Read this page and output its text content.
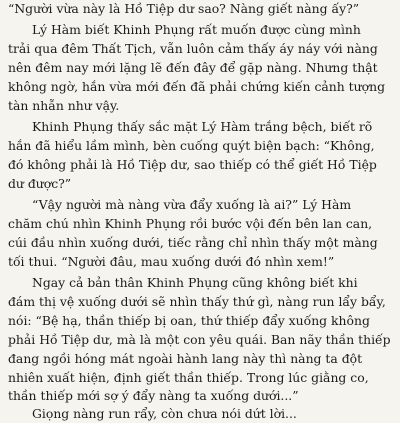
“Người vừa này là Hồ Tiệp dư sao? Nàng giết nàng ấy?”

Lý Hàm biết Khinh Phụng rất muốn được cùng mình

trải qua đêm Thất Tịch, vẫn luôn cảm thấy áy náy với nàng

nên đêm nay mới lặng lẽ đến đây để gặp nàng. Nhưng thật

không ngờ, hắn vừa mới đến đã phải chứng kiến cảnh tượng

tàn nhẫn như vậy.

Khinh Phụng thấy sắc mặt Lý Hàm trắng bệch, biết rõ

hắn đã hiểu lầm mình, bèn cuống quýt biện bạch: “Không,

đó không phải là Hồ Tiệp dư, sao thiếp có thể giết Hồ Tiệp

dư được?”

“Vậy người mà nàng vừa đẩy xuống là ai?” Lý Hàm

chăm chú nhìn Khinh Phụng rồi bước vội đến bên lan can,

cúi đầu nhìn xuống dưới, tiếc rằng chỉ nhìn thấy một màng

tối thui. “Người đâu, mau xuống dưới đó nhìn xem!”

Ngay cả bản thân Khinh Phụng cũng không biết khi

đám thị vệ xuống dưới sẽ nhìn thấy thứ gì, nàng run lẩy bẩy,

nói: “Bệ hạ, thần thiếp bị oan, thứ thiếp đẩy xuống không

phải Hồ Tiệp dư, mà là một con yêu quái. Ban nãy thần thiếp

đang ngồi hóng mát ngoài hành lang này thì nàng ta đột

nhiên xuất hiện, định giết thần thiếp. Trong lúc giằng co,

thần thiếp mới sợ ý đẩy nàng ta xuống dưới...”

Giọng nàng run rẩy, còn chưa nói dứt lời...
